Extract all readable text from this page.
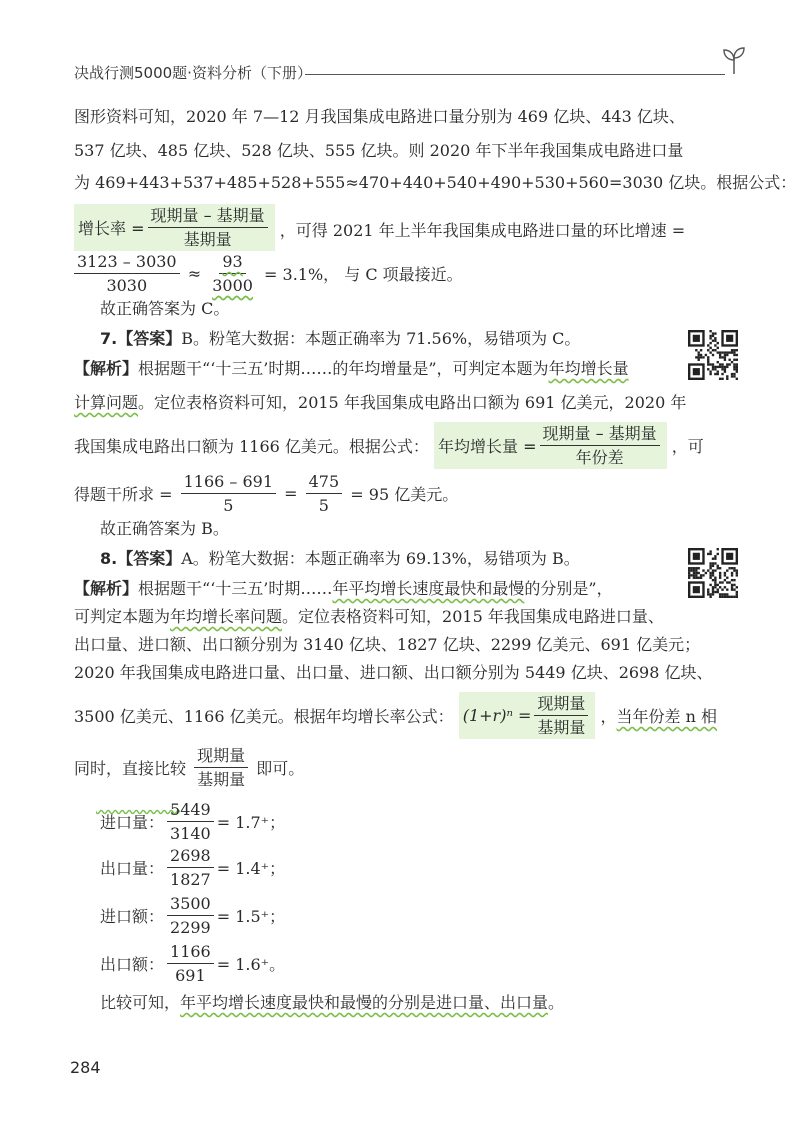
决战行测5000题·资料分析（下册）
图形资料可知，2020 年 7—12 月我国集成电路进口量分别为 469 亿块、443 亿块、
537 亿块、485 亿块、528 亿块、555 亿块。则 2020 年下半年我国集成电路进口量
为 469+443+537+485+528+555≈470+440+540+490+530+560=3030 亿块。根据公式：
增长率 = $\frac{\text{现期量 – 基期量}}{\text{基期量}}$ ，可得 2021 年上半年我国集成电路进口量的环比增速 =
$\frac{3123 - 3030}{3030} \approx \frac{93}{3000} = 3.1\%$， 与 C 项最接近。
故正确答案为 C。
7.【答案】B。粉笔大数据：本题正确率为 71.56%，易错项为 C。
【解析】根据题干“‘十三五’时期……的年均增量是”，可判定本题为年均增长量
计算问题。定位表格资料可知，2015 年我国集成电路出口额为 691 亿美元，2020 年
我国集成电路出口额为 1166 亿美元。根据公式： 年均增长量 = $\frac{\text{现期量 – 基期量}}{\text{年份差}}$ ，可
得题干所求 = $\frac{1166 - 691}{5} = \frac{475}{5} = 95$ 亿美元。
故正确答案为 B。
8.【答案】A。粉笔大数据：本题正确率为 69.13%，易错项为 B。
【解析】根据题干“‘十三五’时期……年平均增长速度最快和最慢的分别是”，
可判定本题为年均增长率问题。定位表格资料可知，2015 年我国集成电路进口量、
出口量、进口额、出口额分别为 3140 亿块、1827 亿块、2299 亿美元、691 亿美元；
2020 年我国集成电路进口量、出口量、进口额、出口额分别为 5449 亿块、2698 亿块、
3500 亿美元、1166 亿美元。根据年均增长率公式： $(1+r)^n = \frac{\text{现期量}}{\text{基期量}}$ ，当年份差 n 相
同时，直接比较 $\frac{\text{现期量}}{\text{基期量}}$ 即可。
进口量： $\frac{5449}{3140} = 1.7^+$；
出口量： $\frac{2698}{1827} = 1.4^+$；
进口额： $\frac{3500}{2299} = 1.5^+$；
出口额： $\frac{1166}{691} = 1.6^+$。
比较可知，年平均增长速度最快和最慢的分别是进口量、出口量。
284
